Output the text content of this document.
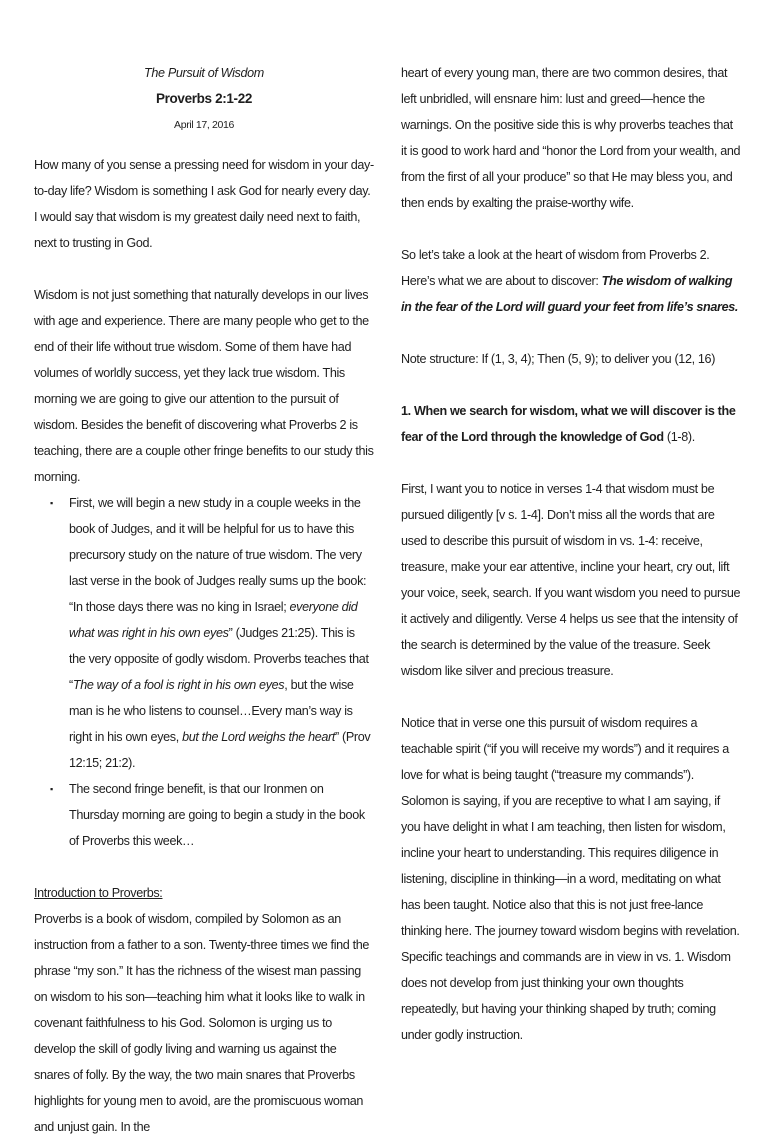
The Pursuit of Wisdom

Proverbs 2:1-22

April 17, 2016

How many of you sense a pressing need for wisdom in your day-to-day life? Wisdom is something I ask God for nearly every day. I would say that wisdom is my greatest daily need next to faith, next to trusting in God.

Wisdom is not just something that naturally develops in our lives with age and experience. There are many people who get to the end of their life without true wisdom. Some of them have had volumes of worldly success, yet they lack true wisdom. This morning we are going to give our attention to the pursuit of wisdom. Besides the benefit of discovering what Proverbs 2 is teaching, there are a couple other fringe benefits to our study this morning.

▪ First, we will begin a new study in a couple weeks in the book of Judges, and it will be helpful for us to have this precursory study on the nature of true wisdom. The very last verse in the book of Judges really sums up the book: “In those days there was no king in Israel; everyone did what was right in his own eyes” (Judges 21:25). This is the very opposite of godly wisdom. Proverbs teaches that “The way of a fool is right in his own eyes, but the wise man is he who listens to counsel…Every man’s way is right in his own eyes, but the Lord weighs the heart” (Prov 12:15; 21:2).
▪ The second fringe benefit, is that our Ironmen on Thursday morning are going to begin a study in the book of Proverbs this week…

Introduction to Proverbs:

Proverbs is a book of wisdom, compiled by Solomon as an instruction from a father to a son. Twenty-three times we find the phrase “my son.” It has the richness of the wisest man passing on wisdom to his son—teaching him what it looks like to walk in covenant faithfulness to his God. Solomon is urging us to develop the skill of godly living and warning us against the snares of folly. By the way, the two main snares that Proverbs highlights for young men to avoid, are the promiscuous woman and unjust gain. In the

heart of every young man, there are two common desires, that left unbridled, will ensnare him: lust and greed—hence the warnings. On the positive side this is why proverbs teaches that it is good to work hard and “honor the Lord from your wealth, and from the first of all your produce” so that He may bless you, and then ends by exalting the praise-worthy wife.

So let’s take a look at the heart of wisdom from Proverbs 2. Here’s what we are about to discover: The wisdom of walking in the fear of the Lord will guard your feet from life’s snares.

Note structure: If (1, 3, 4); Then (5, 9); to deliver you (12, 16)

1. When we search for wisdom, what we will discover is the fear of the Lord through the knowledge of God (1-8).

First, I want you to notice in verses 1-4 that wisdom must be pursued diligently [v s. 1-4]. Don’t miss all the words that are used to describe this pursuit of wisdom in vs. 1-4: receive, treasure, make your ear attentive, incline your heart, cry out, lift your voice, seek, search. If you want wisdom you need to pursue it actively and diligently. Verse 4 helps us see that the intensity of the search is determined by the value of the treasure. Seek wisdom like silver and precious treasure.

Notice that in verse one this pursuit of wisdom requires a teachable spirit (“if you will receive my words”) and it requires a love for what is being taught (“treasure my commands”). Solomon is saying, if you are receptive to what I am saying, if you have delight in what I am teaching, then listen for wisdom, incline your heart to understanding. This requires diligence in listening, discipline in thinking—in a word, meditating on what has been taught. Notice also that this is not just free-lance thinking here. The journey toward wisdom begins with revelation. Specific teachings and commands are in view in vs. 1. Wisdom does not develop from just thinking your own thoughts repeatedly, but having your thinking shaped by truth; coming under godly instruction.
